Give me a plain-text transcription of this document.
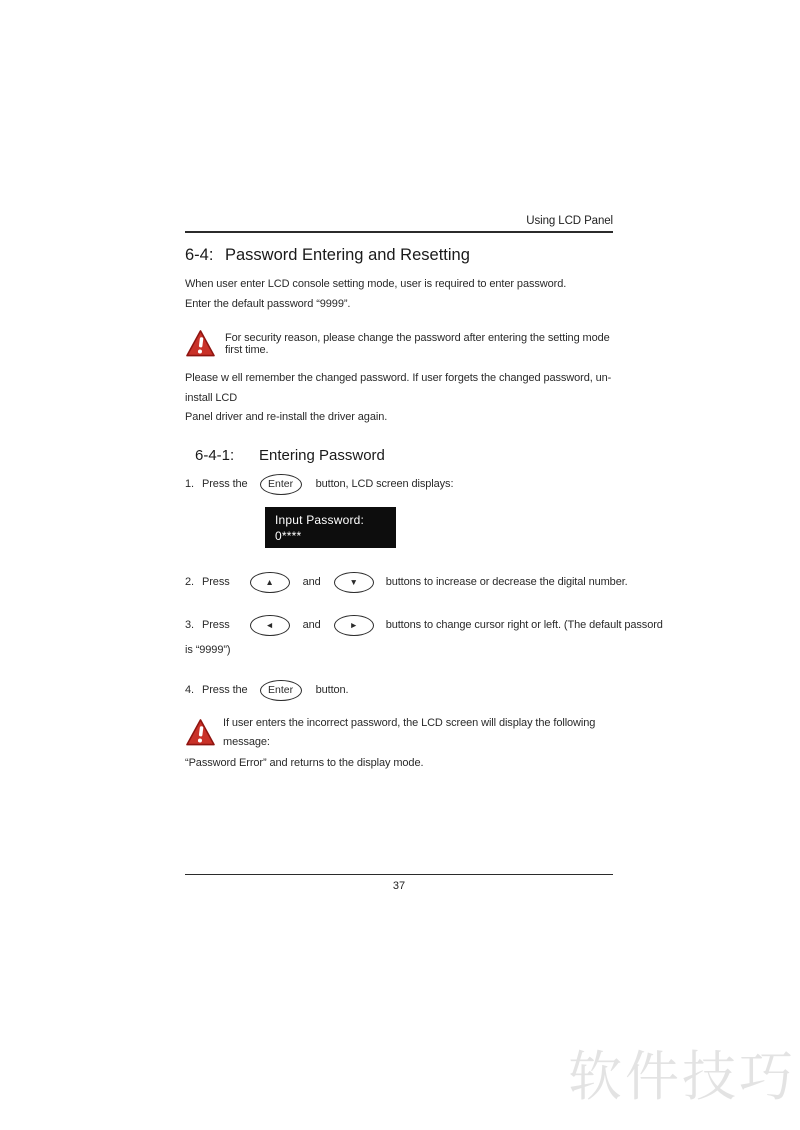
Using LCD Panel
6-4: Password Entering and Resetting
When user enter LCD console setting mode, user is required to enter password.
Enter the default password “9999”.
For security reason, please change the password after entering the setting mode first time.
Please w ell remember the changed password. If user forgets the changed password, un-install LCD
Panel driver and re-install the driver again.
6-4-1:	Entering Password
1. Press the	Enter	button, LCD screen displays:
Input Password:
0****
2. Press	▲	and	▼	buttons to increase or decrease the digital number.
3. Press	◄	and	►	buttons to change cursor right or left. (The default passord
is “9999”)
4. Press the	Enter	button.
If user enters the incorrect password, the LCD screen will display the following message:
“Password Error” and returns to the display mode.
37
软件技巧
